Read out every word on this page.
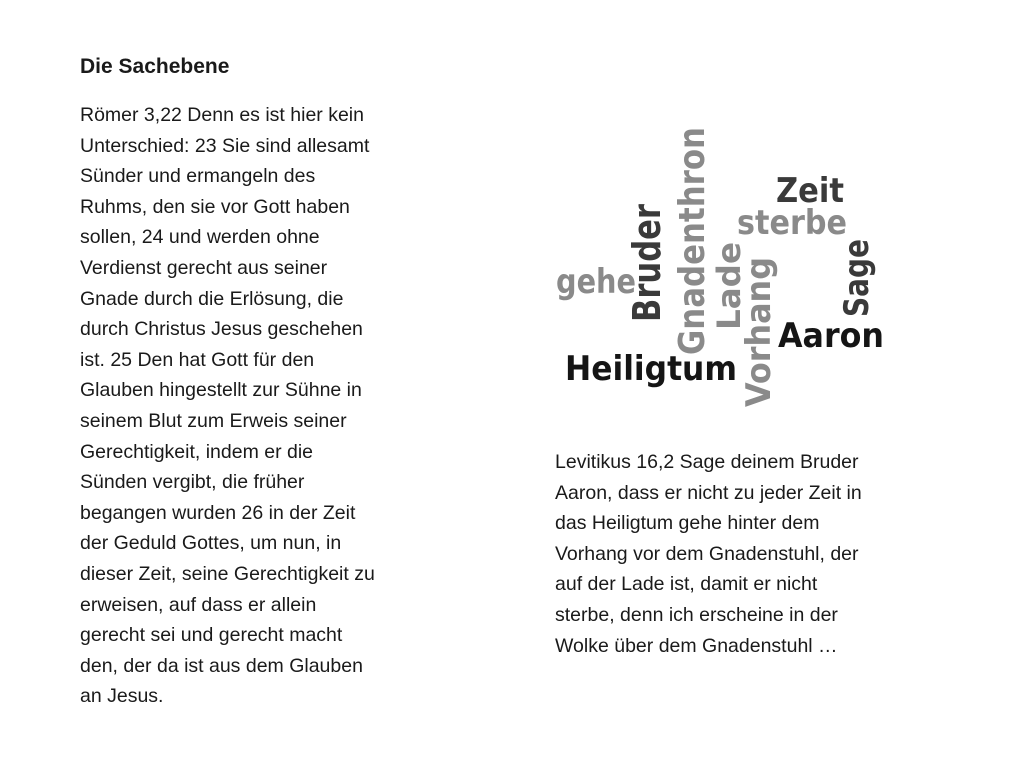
Die Sachebene
Römer 3,22 Denn es ist hier kein
Unterschied: 23 Sie sind allesamt
Sünder und ermangeln des
Ruhms, den sie vor Gott haben
sollen, 24 und werden ohne
Verdienst gerecht aus seiner
Gnade durch die Erlösung, die
durch Christus Jesus geschehen
ist. 25 Den hat Gott für den
Glauben hingestellt zur Sühne in
seinem Blut zum Erweis seiner
Gerechtigkeit, indem er die
Sünden vergibt, die früher
begangen wurden 26 in der Zeit
der Geduld Gottes, um nun, in
dieser Zeit, seine Gerechtigkeit zu
erweisen, auf dass er allein
gerecht sei und gerecht macht
den, der da ist aus dem Glauben
an Jesus.
gehe
Bruder Gnadenthron
Lade
Vorhang
Zeit
sterbe
Sage
Aaron
Heiligtum
Levitikus 16,2 Sage deinem Bruder
Aaron, dass er nicht zu jeder Zeit in
das Heiligtum gehe hinter dem
Vorhang vor dem Gnadenstuhl, der
auf der Lade ist, damit er nicht
sterbe, denn ich erscheine in der
Wolke über dem Gnadenstuhl …
